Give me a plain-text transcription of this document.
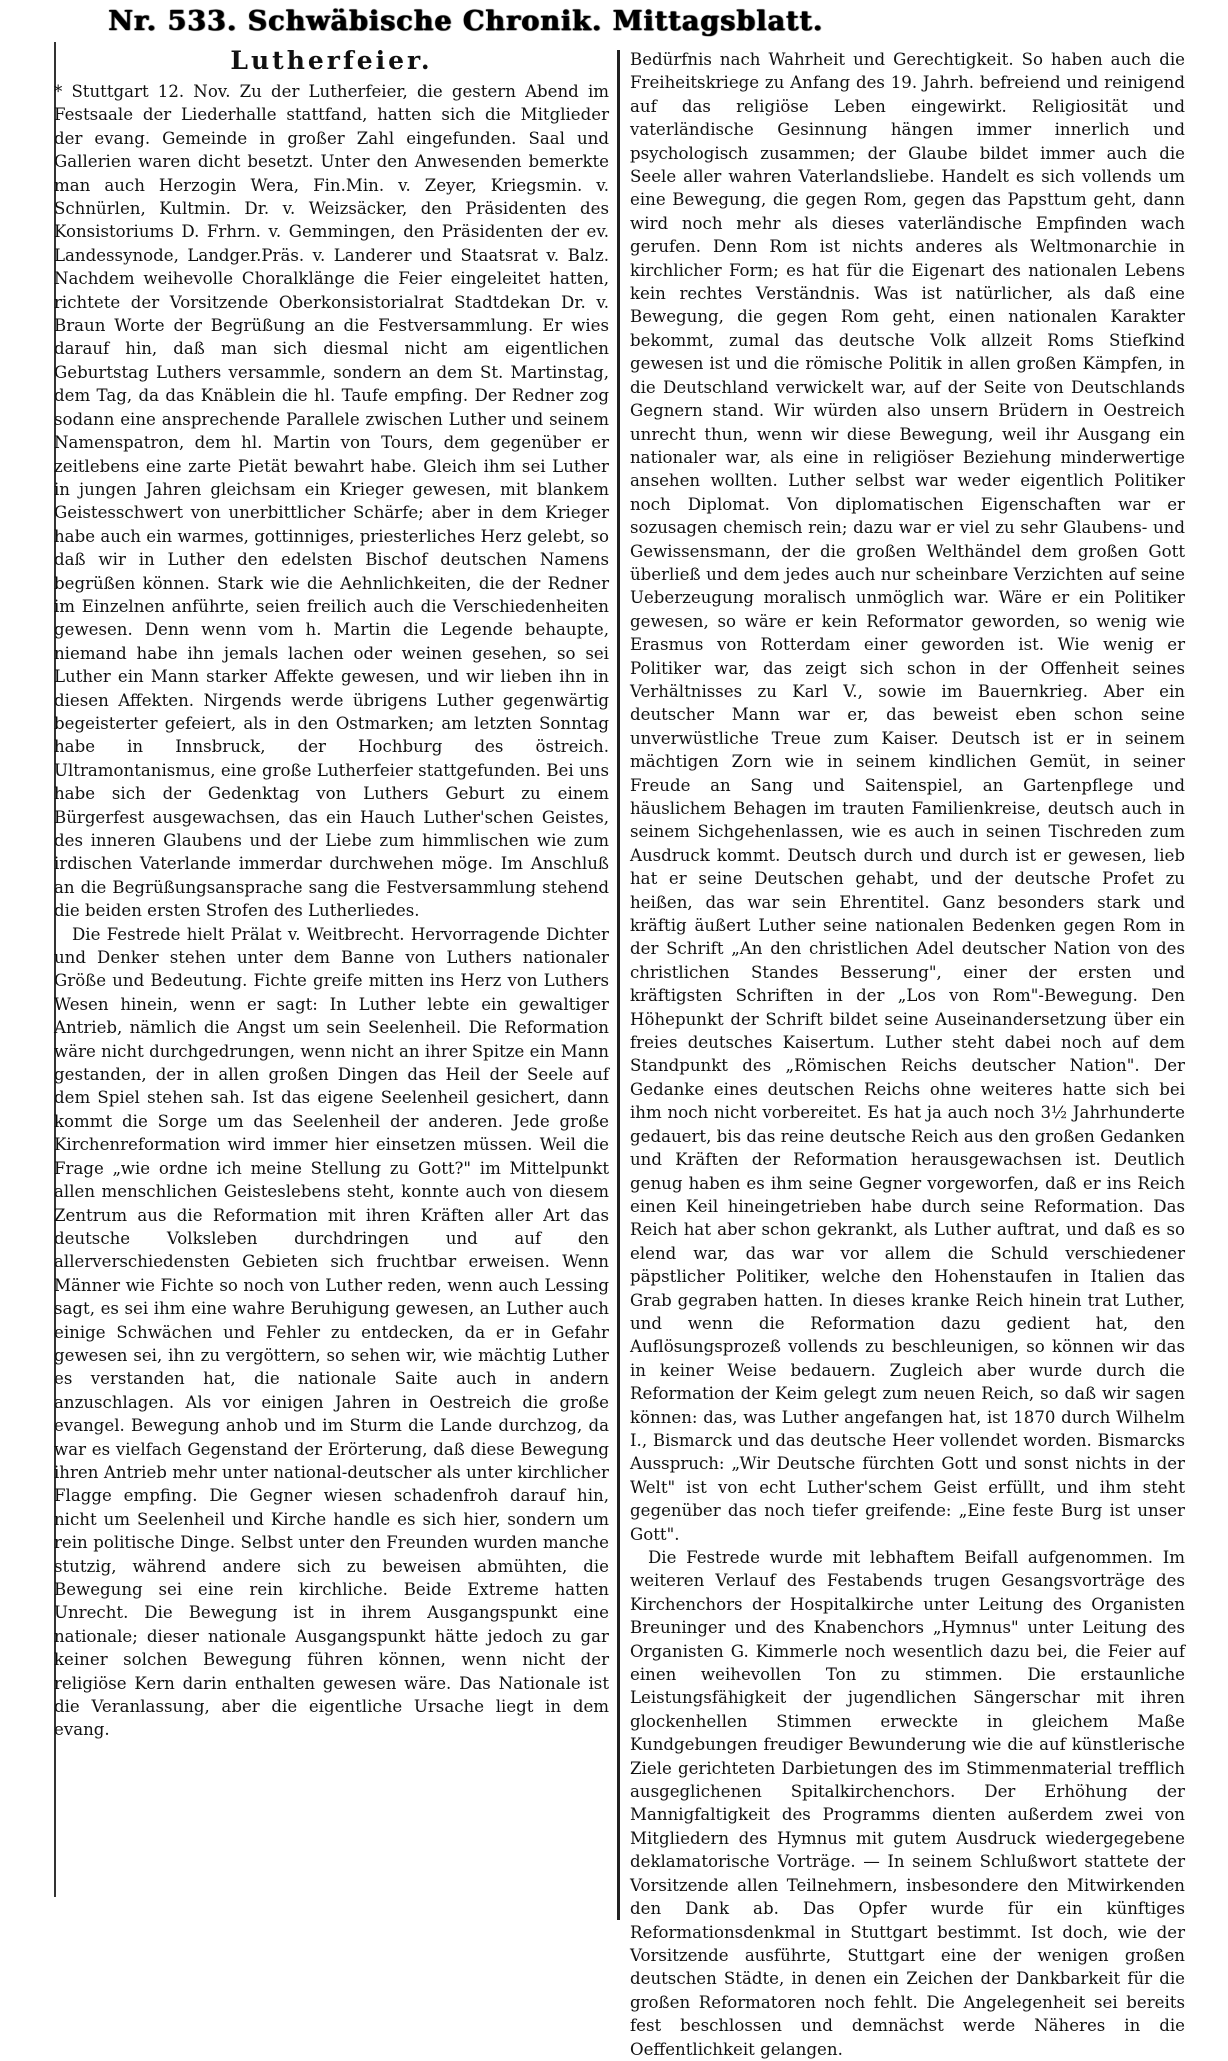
Nr. 533. Schwäbische Chronik. Mittagsblatt.
Lutherfeier.

* Stuttgart 12. Nov. Zu der Lutherfeier, die gestern Abend im Festsaale der Liederhalle stattfand, hatten sich die Mitglieder der evang. Gemeinde in großer Zahl eingefunden. Saal und Gallerien waren dicht besetzt. Unter den Anwesenden bemerkte man auch Herzogin Wera, Fin.Min. v. Zeyer, Kriegsmin. v. Schnürlen, Kultmin. Dr. v. Weizsäcker, den Präsidenten des Konsistoriums D. Frhrn. v. Gemmingen, den Präsidenten der ev. Landessynode, Landger.Präs. v. Landerer und Staatsrat v. Balz. Nachdem weihevolle Choralklänge die Feier eingeleitet hatten, richtete der Vorsitzende Oberkonsistorialrat Stadtdekan Dr. v. Braun Worte der Begrüßung an die Festversammlung. Er wies darauf hin, daß man sich diesmal nicht am eigentlichen Geburtstag Luthers versammle, sondern an dem St. Martinstag, dem Tag, da das Knäblein die hl. Taufe empfing. Der Redner zog sodann eine ansprechende Parallele zwischen Luther und seinem Namenspatron, dem hl. Martin von Tours, dem gegenüber er zeitlebens eine zarte Pietät bewahrt habe. Gleich ihm sei Luther in jungen Jahren gleichsam ein Krieger gewesen, mit blankem Geistesschwert von unerbittlicher Schärfe; aber in dem Krieger habe auch ein warmes, gottinniges, priesterliches Herz gelebt, so daß wir in Luther den edelsten Bischof deutschen Namens begrüßen können. Stark wie die Aehnlichkeiten, die der Redner im Einzelnen anführte, seien freilich auch die Verschiedenheiten gewesen. Denn wenn vom h. Martin die Legende behaupte, niemand habe ihn jemals lachen oder weinen gesehen, so sei Luther ein Mann starker Affekte gewesen, und wir lieben ihn in diesen Affekten. Nirgends werde übrigens Luther gegenwärtig begeisterter gefeiert, als in den Ostmarken; am letzten Sonntag habe in Innsbruck, der Hochburg des östreich. Ultramontanismus, eine große Lutherfeier stattgefunden. Bei uns habe sich der Gedenktag von Luthers Geburt zu einem Bürgerfest ausgewachsen, das ein Hauch Luther'schen Geistes, des inneren Glaubens und der Liebe zum himmlischen wie zum irdischen Vaterlande immerdar durchwehen möge. Im Anschluß an die Begrüßungsansprache sang die Festversammlung stehend die beiden ersten Strofen des Lutherliedes.

Die Festrede hielt Prälat v. Weitbrecht. Hervorragende Dichter und Denker stehen unter dem Banne von Luthers nationaler Größe und Bedeutung. Fichte greife mitten ins Herz von Luthers Wesen hinein, wenn er sagt: In Luther lebte ein gewaltiger Antrieb, nämlich die Angst um sein Seelenheil. Die Reformation wäre nicht durchgedrungen, wenn nicht an ihrer Spitze ein Mann gestanden, der in allen großen Dingen das Heil der Seele auf dem Spiel stehen sah. Ist das eigene Seelenheil gesichert, dann kommt die Sorge um das Seelenheil der anderen. Jede große Kirchenreformation wird immer hier einsetzen müssen. Weil die Frage „wie ordne ich meine Stellung zu Gott?" im Mittelpunkt allen menschlichen Geisteslebens steht, konnte auch von diesem Zentrum aus die Reformation mit ihren Kräften aller Art das deutsche Volksleben durchdringen und auf den allerverschiedensten Gebieten sich fruchtbar erweisen. Wenn Männer wie Fichte so noch von Luther reden, wenn auch Lessing sagt, es sei ihm eine wahre Beruhigung gewesen, an Luther auch einige Schwächen und Fehler zu entdecken, da er in Gefahr gewesen sei, ihn zu vergöttern, so sehen wir, wie mächtig Luther es verstanden hat, die nationale Saite auch in andern anzuschlagen. Als vor einigen Jahren in Oestreich die große evangel. Bewegung anhob und im Sturm die Lande durchzog, da war es vielfach Gegenstand der Erörterung, daß diese Bewegung ihren Antrieb mehr unter national-deutscher als unter kirchlicher Flagge empfing. Die Gegner wiesen schadenfroh darauf hin, nicht um Seelenheil und Kirche handle es sich hier, sondern um rein politische Dinge. Selbst unter den Freunden wurden manche stutzig, während andere sich zu beweisen abmühten, die Bewegung sei eine rein kirchliche. Beide Extreme hatten Unrecht. Die Bewegung ist in ihrem Ausgangspunkt eine nationale; dieser nationale Ausgangspunkt hätte jedoch zu gar keiner solchen Bewegung führen können, wenn nicht der religiöse Kern darin enthalten gewesen wäre. Das Nationale ist die Veranlassung, aber die eigentliche Ursache liegt in dem evang.

Bedürfnis nach Wahrheit und Gerechtigkeit. So haben auch die Freiheitskriege zu Anfang des 19. Jahrh. befreiend und reinigend auf das religiöse Leben eingewirkt. Religiosität und vaterländische Gesinnung hängen immer innerlich und psychologisch zusammen; der Glaube bildet immer auch die Seele aller wahren Vaterlandsliebe. Handelt es sich vollends um eine Bewegung, die gegen Rom, gegen das Papsttum geht, dann wird noch mehr als dieses vaterländische Empfinden wach gerufen. Denn Rom ist nichts anderes als Weltmonarchie in kirchlicher Form; es hat für die Eigenart des nationalen Lebens kein rechtes Verständnis. Was ist natürlicher, als daß eine Bewegung, die gegen Rom geht, einen nationalen Karakter bekommt, zumal das deutsche Volk allzeit Roms Stiefkind gewesen ist und die römische Politik in allen großen Kämpfen, in die Deutschland verwickelt war, auf der Seite von Deutschlands Gegnern stand. Wir würden also unsern Brüdern in Oestreich unrecht thun, wenn wir diese Bewegung, weil ihr Ausgang ein nationaler war, als eine in religiöser Beziehung minderwertige ansehen wollten. Luther selbst war weder eigentlich Politiker noch Diplomat. Von diplomatischen Eigenschaften war er sozusagen chemisch rein; dazu war er viel zu sehr Glaubens- und Gewissensmann, der die großen Welthändel dem großen Gott überließ und dem jedes auch nur scheinbare Verzichten auf seine Ueberzeugung moralisch unmöglich war. Wäre er ein Politiker gewesen, so wäre er kein Reformator geworden, so wenig wie Erasmus von Rotterdam einer geworden ist. Wie wenig er Politiker war, das zeigt sich schon in der Offenheit seines Verhältnisses zu Karl V., sowie im Bauernkrieg. Aber ein deutscher Mann war er, das beweist eben schon seine unverwüstliche Treue zum Kaiser. Deutsch ist er in seinem mächtigen Zorn wie in seinem kindlichen Gemüt, in seiner Freude an Sang und Saitenspiel, an Gartenpflege und häuslichem Behagen im trauten Familienkreise, deutsch auch in seinem Sichgehenlassen, wie es auch in seinen Tischreden zum Ausdruck kommt. Deutsch durch und durch ist er gewesen, lieb hat er seine Deutschen gehabt, und der deutsche Profet zu heißen, das war sein Ehrentitel. Ganz besonders stark und kräftig äußert Luther seine nationalen Bedenken gegen Rom in der Schrift „An den christlichen Adel deutscher Nation von des christlichen Standes Besserung", einer der ersten und kräftigsten Schriften in der „Los von Rom"-Bewegung. Den Höhepunkt der Schrift bildet seine Auseinandersetzung über ein freies deutsches Kaisertum. Luther steht dabei noch auf dem Standpunkt des „Römischen Reichs deutscher Nation". Der Gedanke eines deutschen Reichs ohne weiteres hatte sich bei ihm noch nicht vorbereitet. Es hat ja auch noch 3½ Jahrhunderte gedauert, bis das reine deutsche Reich aus den großen Gedanken und Kräften der Reformation herausgewachsen ist. Deutlich genug haben es ihm seine Gegner vorgeworfen, daß er ins Reich einen Keil hineingetrieben habe durch seine Reformation. Das Reich hat aber schon gekrankt, als Luther auftrat, und daß es so elend war, das war vor allem die Schuld verschiedener päpstlicher Politiker, welche den Hohenstaufen in Italien das Grab gegraben hatten. In dieses kranke Reich hinein trat Luther, und wenn die Reformation dazu gedient hat, den Auflösungsprozeß vollends zu beschleunigen, so können wir das in keiner Weise bedauern. Zugleich aber wurde durch die Reformation der Keim gelegt zum neuen Reich, so daß wir sagen können: das, was Luther angefangen hat, ist 1870 durch Wilhelm I., Bismarck und das deutsche Heer vollendet worden. Bismarcks Ausspruch: „Wir Deutsche fürchten Gott und sonst nichts in der Welt" ist von echt Luther'schem Geist erfüllt, und ihm steht gegenüber das noch tiefer greifende: „Eine feste Burg ist unser Gott".

Die Festrede wurde mit lebhaftem Beifall aufgenommen. Im weiteren Verlauf des Festabends trugen Gesangsvorträge des Kirchenchors der Hospitalkirche unter Leitung des Organisten Breuninger und des Knabenchors „Hymnus" unter Leitung des Organisten G. Kimmerle noch wesentlich dazu bei, die Feier auf einen weihevollen Ton zu stimmen. Die erstaunliche Leistungsfähigkeit der jugendlichen Sängerschar mit ihren glockenhellen Stimmen erweckte in gleichem Maße Kundgebungen freudiger Bewunderung wie die auf künstlerische Ziele gerichteten Darbietungen des im Stimmenmaterial trefflich ausgeglichenen Spitalkirchenchors. Der Erhöhung der Mannigfaltigkeit des Programms dienten außerdem zwei von Mitgliedern des Hymnus mit gutem Ausdruck wiedergegebene deklamatorische Vorträge. — In seinem Schlußwort stattete der Vorsitzende allen Teilnehmern, insbesondere den Mitwirkenden den Dank ab. Das Opfer wurde für ein künftiges Reformationsdenkmal in Stuttgart bestimmt. Ist doch, wie der Vorsitzende ausführte, Stuttgart eine der wenigen großen deutschen Städte, in denen ein Zeichen der Dankbarkeit für die großen Reformatoren noch fehlt. Die Angelegenheit sei bereits fest beschlossen und demnächst werde Näheres in die Oeffentlichkeit gelangen.
